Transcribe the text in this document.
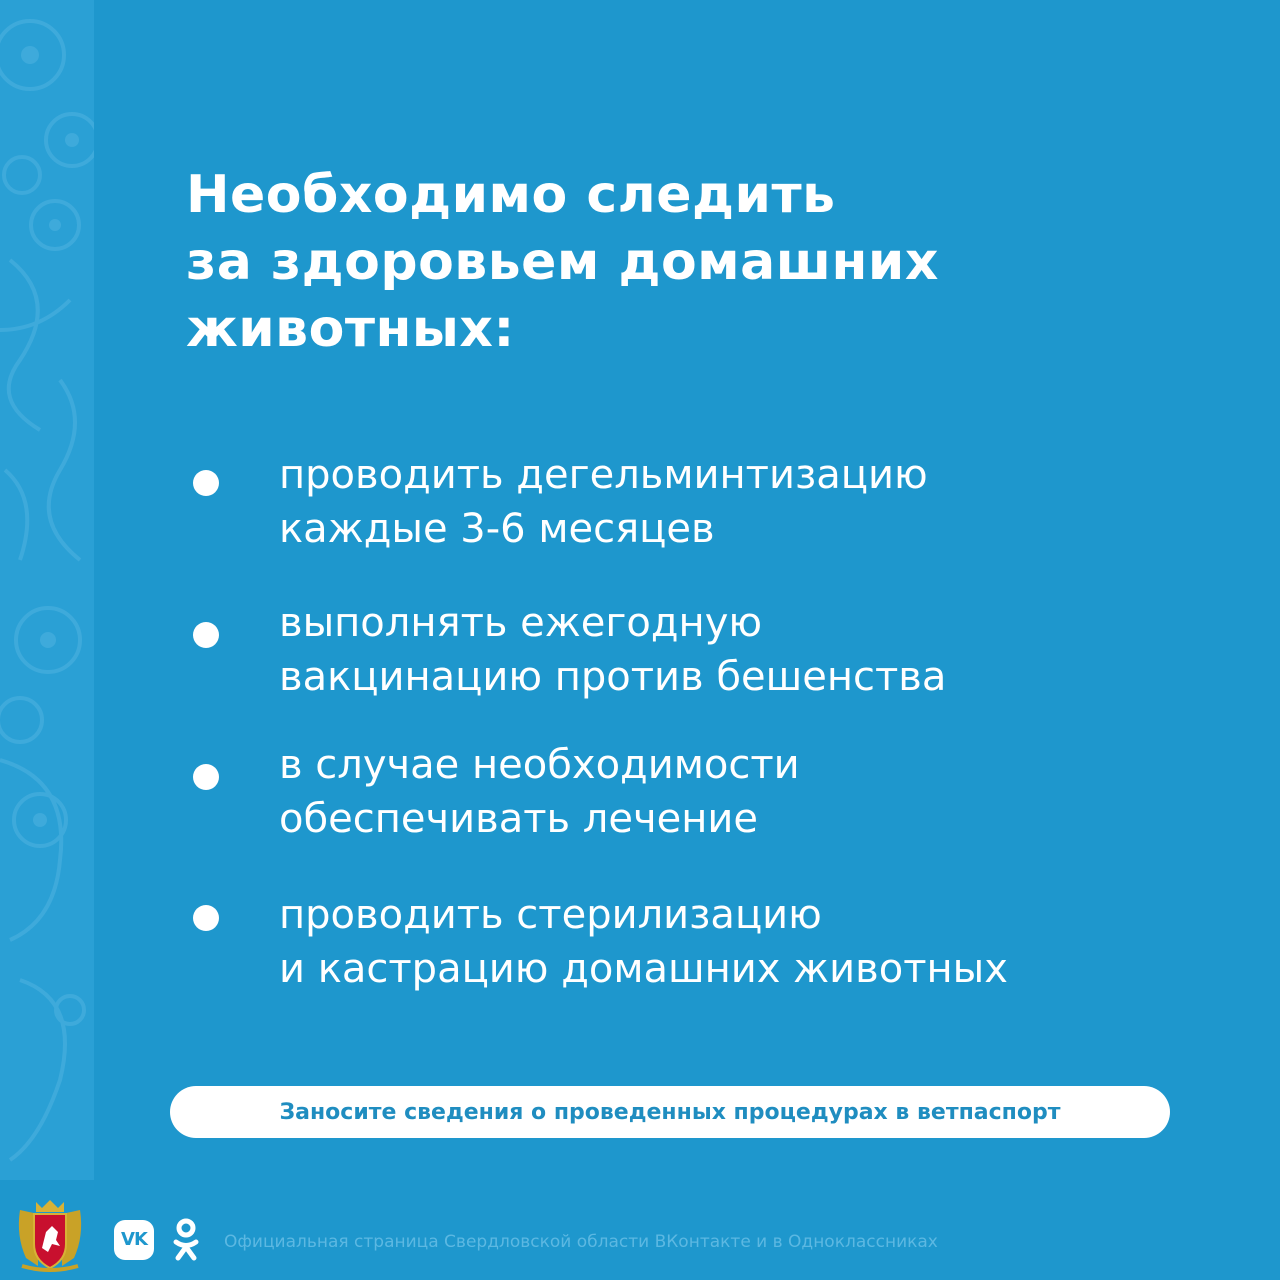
Необходимо следить
за здоровьем домашних
животных:
проводить дегельминтизацию
каждые 3-6 месяцев
выполнять ежегодную
вакцинацию против бешенства
в случае необходимости
обеспечивать лечение
проводить стерилизацию
и кастрацию домашних животных
Заносите сведения о проведенных процедурах в ветпаспорт
VK	Официальная страница Свердловской области ВКонтакте и в Одноклассниках
